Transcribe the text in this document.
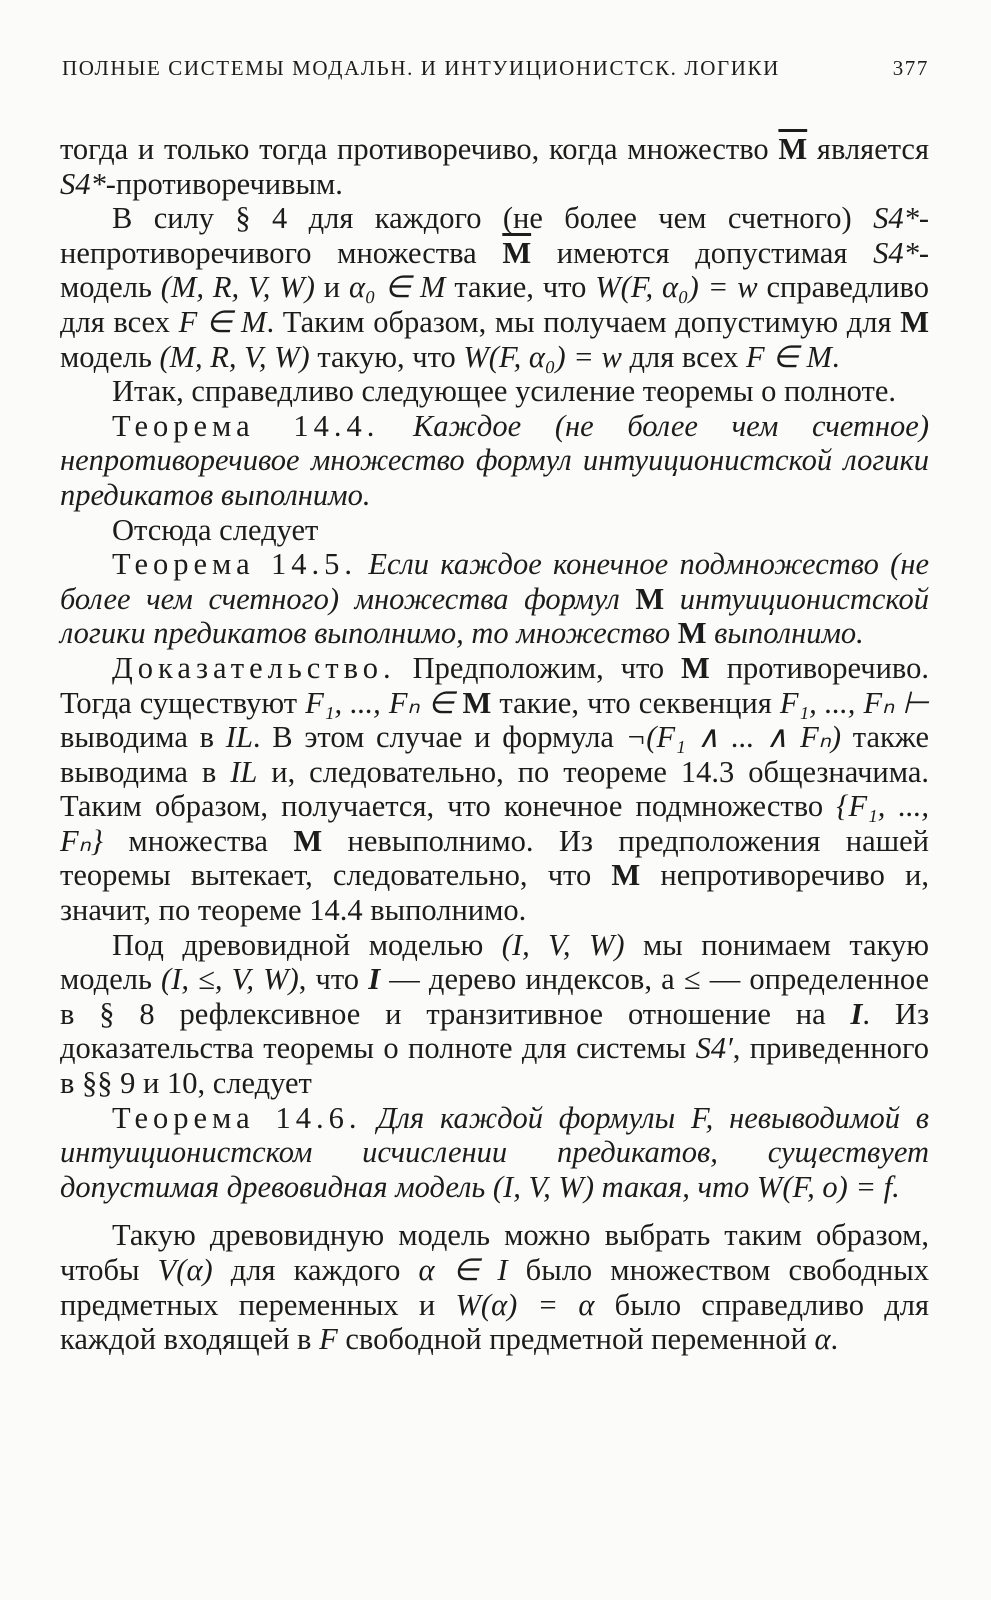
ПОЛНЫЕ СИСТЕМЫ МОДАЛЬН. И ИНТУИЦИОНИСТСК. ЛОГИКИ	377

тогда и только тогда противоречиво, когда множество $\overline{M}$ является S4*-противоречивым.

В силу § 4 для каждого (не более чем счетного) S4*-непротиворечивого множества $\overline{M}$ имеются допустимая S4*-модель (M, R, V, W) и α₀ ∈ M такие, что W(F, α₀) = w справедливо для всех F ∈ M. Таким образом, мы получаем допустимую для M модель (M, R, V, W) такую, что W(F, α₀) = w для всех F ∈ M.

Итак, справедливо следующее усиление теоремы о полноте.

Теорема 14.4. Каждое (не более чем счетное) непротиворечивое множество формул интуиционистской логики предикатов выполнимо.

Отсюда следует

Теорема 14.5. Если каждое конечное подмножество (не более чем счетного) множества формул M интуиционистской логики предикатов выполнимо, то множество M выполнимо.

Доказательство. Предположим, что M противоречиво. Тогда существуют F₁, ..., Fₙ ∈ M такие, что секвенция F₁, ..., Fₙ ⊢ выводима в IL. В этом случае и формула ¬(F₁ ∧ ... ∧ Fₙ) также выводима в IL и, следовательно, по теореме 14.3 общезначима. Таким образом, получается, что конечное подмножество {F₁, ..., Fₙ} множества M невыполнимо. Из предположения нашей теоремы вытекает, следовательно, что M непротиворечиво и, значит, по теореме 14.4 выполнимо.

Под древовидной моделью (I, V, W) мы понимаем такую модель (I, ≤, V, W), что I — дерево индексов, а ≤ — определенное в § 8 рефлексивное и транзитивное отношение на I. Из доказательства теоремы о полноте для системы S4′, приведенного в §§ 9 и 10, следует

Теорема 14.6. Для каждой формулы F, невыводимой в интуиционистском исчислении предикатов, существует допустимая древовидная модель (I, V, W) такая, что W(F, o) = f.

Такую древовидную модель можно выбрать таким образом, чтобы V(α) для каждого α ∈ I было множеством свободных предметных переменных и W(α) = α было справедливо для каждой входящей в F свободной предметной переменной α.
